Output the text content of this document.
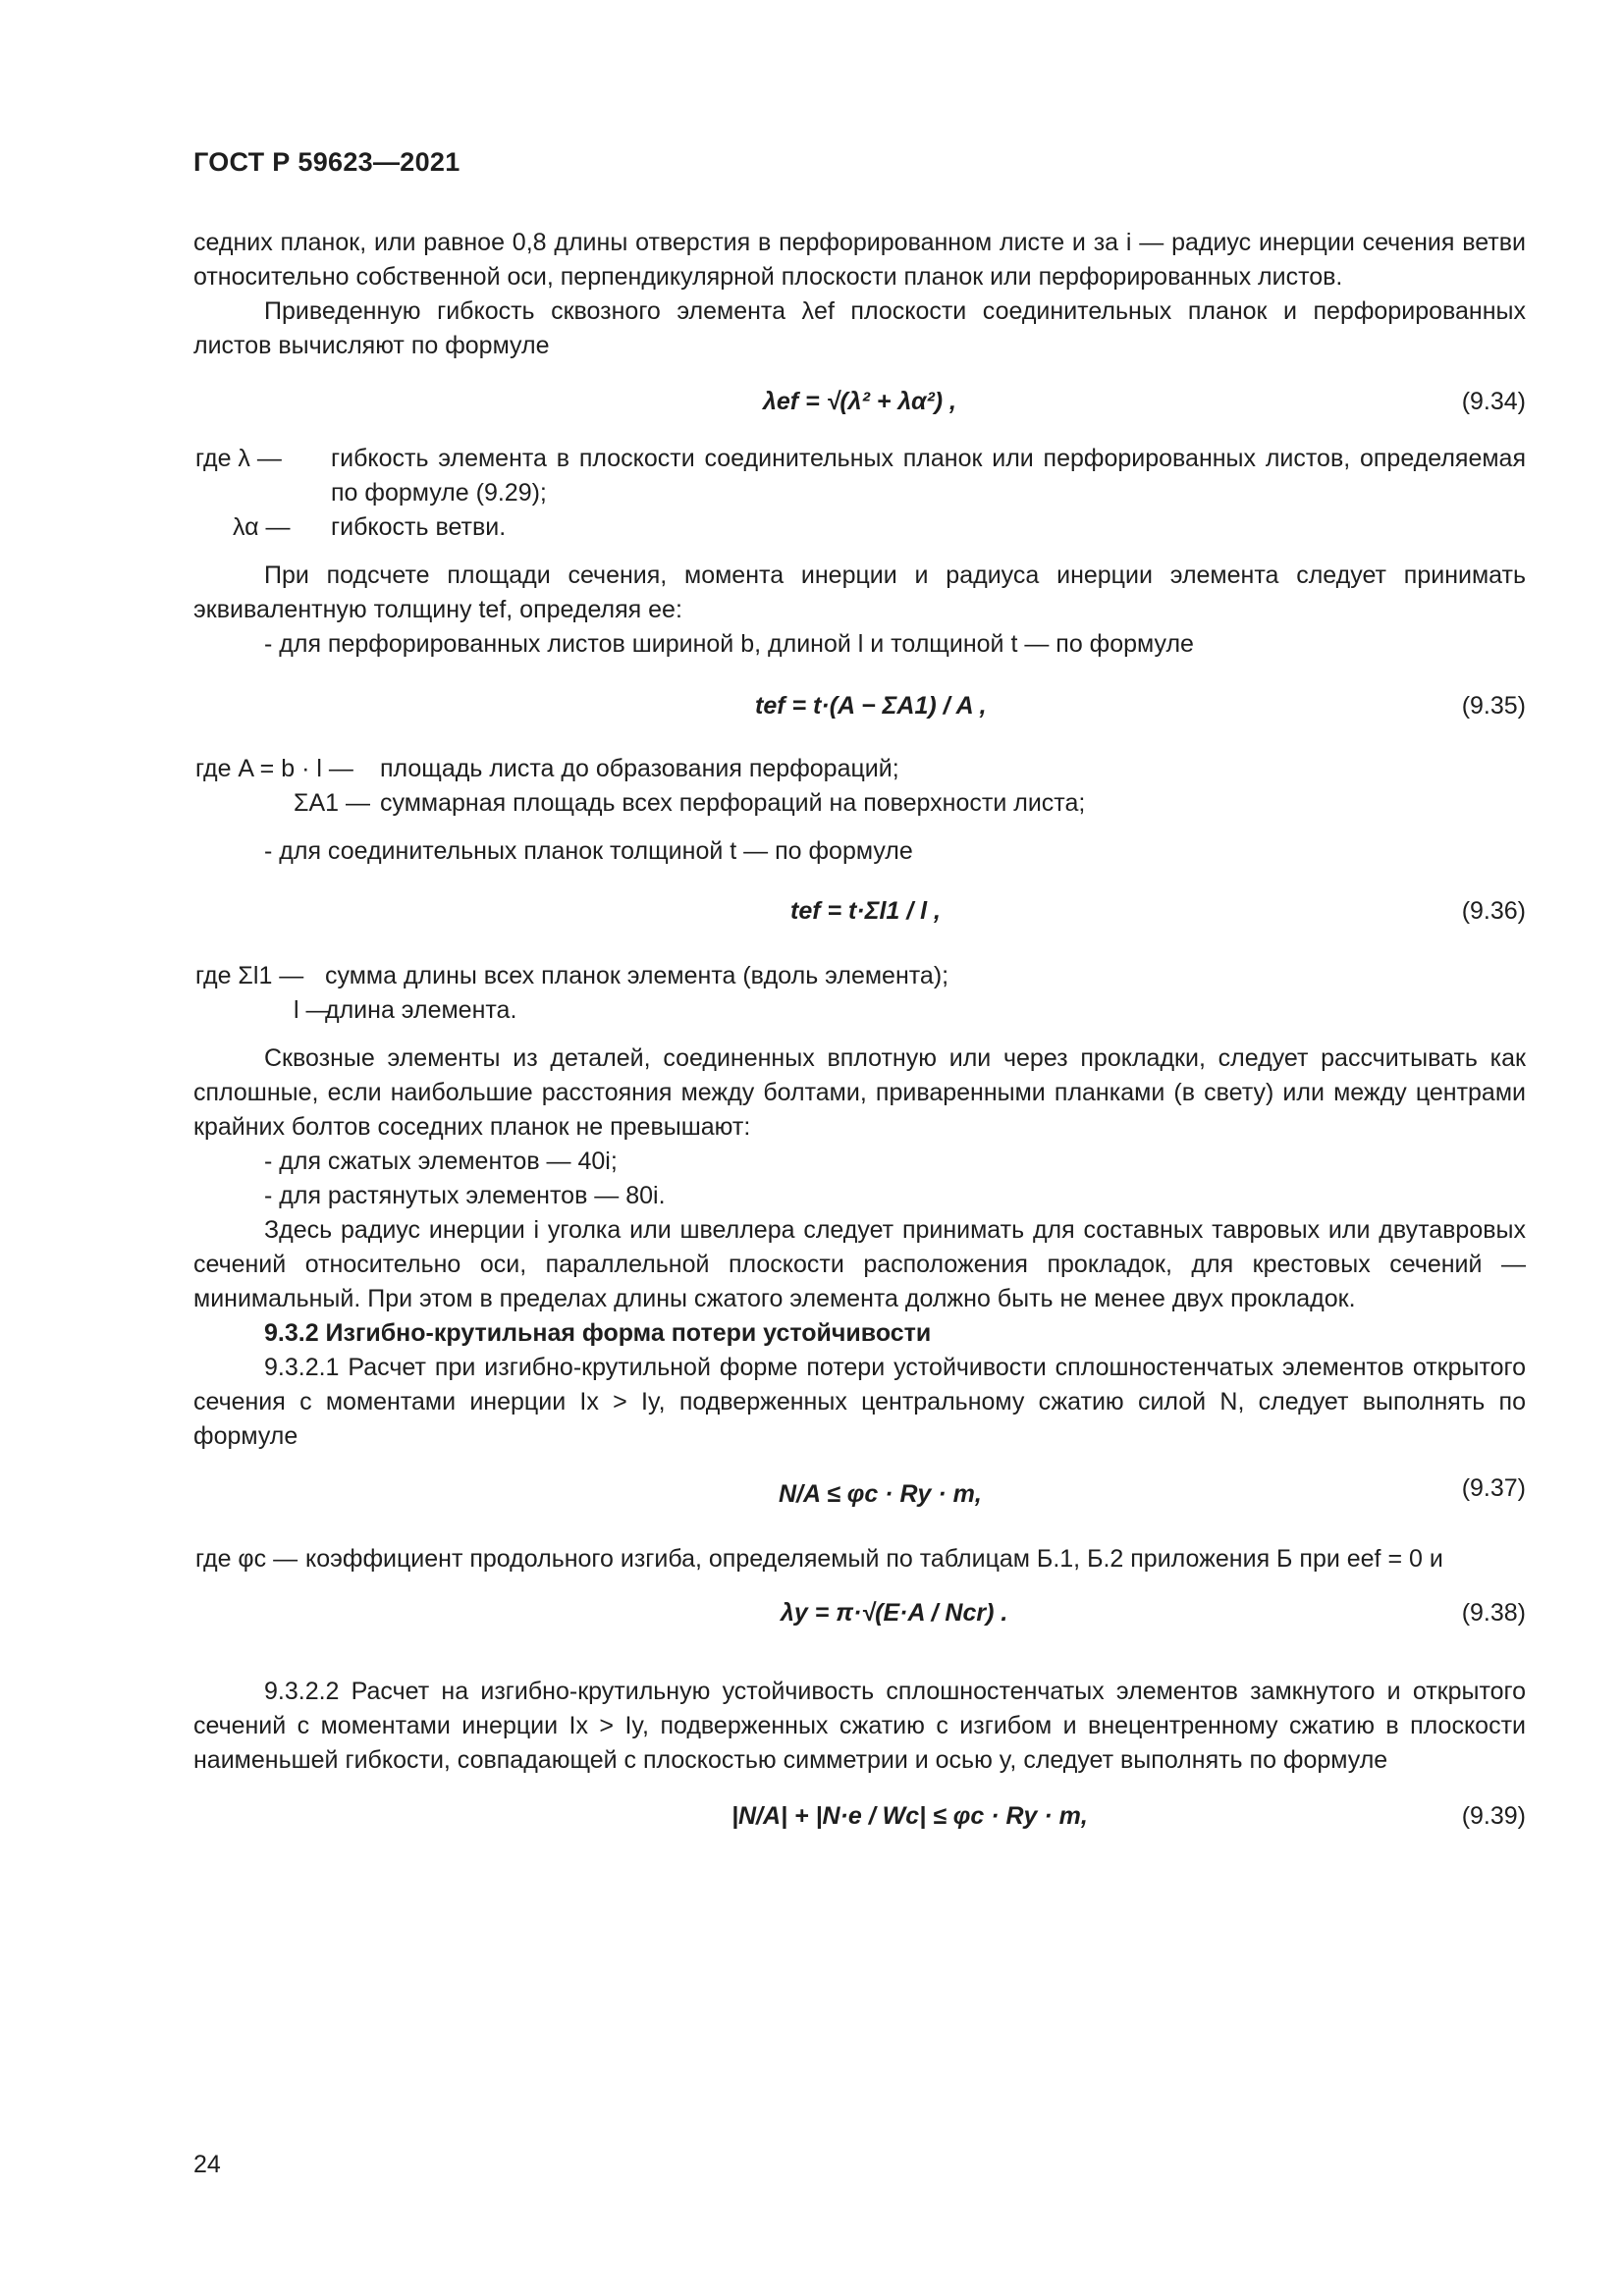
ГОСТ Р 59623—2021

седних планок, или равное 0,8 длины отверстия в перфорированном листе и за i — радиус инерции сечения ветви относительно собственной оси, перпендикулярной плоскости планок или перфорированных листов.

Приведенную гибкость сквозного элемента λef плоскости соединительных планок и перфорированных листов вычисляют по формуле

λef = √(λ² + λα²) ,	(9.34)
где λ — гибкость элемента в плоскости соединительных планок или перфорированных листов, определяемая по формуле (9.29);
λα — гибкость ветви.

При подсчете площади сечения, момента инерции и радиуса инерции элемента следует принимать эквивалентную толщину tef, определяя ее:

- для перфорированных листов шириной b, длиной l и толщиной t — по формуле
tef = t·(A − ΣA1) / A ,	(9.35)
где A = b · l — площадь листа до образования перфораций;
ΣA1 — суммарная площадь всех перфораций на поверхности листа;
- для соединительных планок толщиной t — по формуле
tef = t·Σl1 / l ,	(9.36)
где Σl1 — сумма длины всех планок элемента (вдоль элемента);
l —
длина элемента.

Сквозные элементы из деталей, соединенных вплотную или через прокладки, следует рассчитывать как сплошные, если наибольшие расстояния между болтами, приваренными планками (в свету) или между центрами крайних болтов соседних планок не превышают:

- для сжатых элементов — 40i;
- для растянутых элементов — 80i.

Здесь радиус инерции i уголка или швеллера следует принимать для составных тавровых или двутавровых сечений относительно оси, параллельной плоскости расположения прокладок, для крестовых сечений — минимальный. При этом в пределах длины сжатого элемента должно быть не менее двух прокладок.

9.3.2 Изгибно-крутильная форма потери устойчивости

9.3.2.1 Расчет при изгибно-крутильной форме потери устойчивости сплошностенчатых элементов открытого сечения с моментами инерции Ix > Iy, подверженных центральному сжатию силой N, следует выполнять по формуле

N/A ≤ φc · Ry · m,	(9.37)
где φc — коэффициент продольного изгиба, определяемый по таблицам Б.1, Б.2 приложения Б при eef = 0 и
λy = π·√(E·A / Ncr) .	(9.38)

9.3.2.2 Расчет на изгибно-крутильную устойчивость сплошностенчатых элементов замкнутого и открытого сечений с моментами инерции Ix > Iy, подверженных сжатию с изгибом и внецентренному сжатию в плоскости наименьшей гибкости, совпадающей с плоскостью симметрии и осью y, следует выполнять по формуле

|N/A| + |N·e / Wc| ≤ φc · Ry · m,	(9.39)
24
